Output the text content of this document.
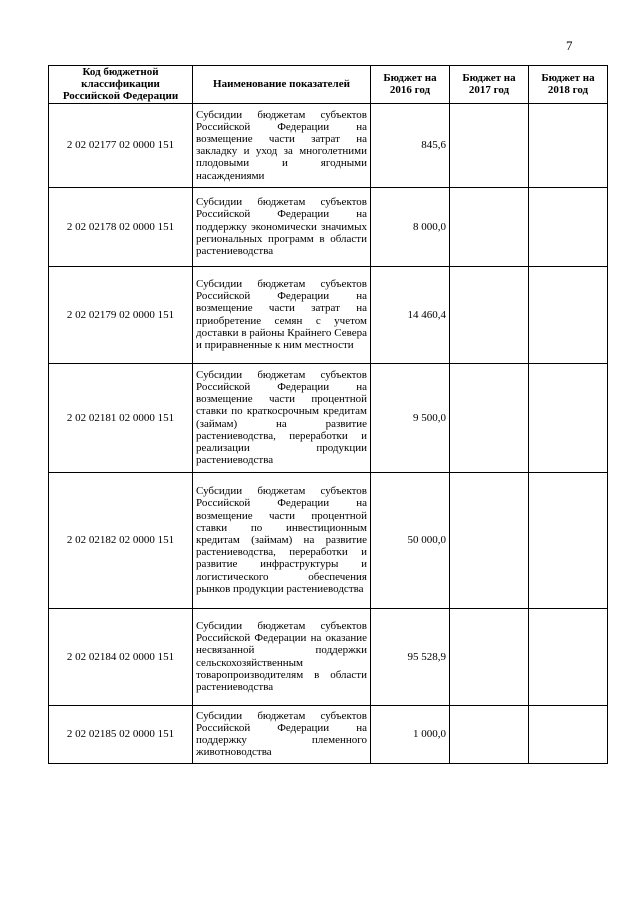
7
Код бюджетной классификации Российской Федерации	Наименование показателей	Бюджет на 2016 год	Бюджет на 2017 год	Бюджет на 2018 год
2 02 02177 02 0000 151	Субсидии бюджетам субъектов Российской Федерации на возмещение части затрат на закладку и уход за многолетними плодовыми и ягодными насаждениями	845,6		
2 02 02178 02 0000 151	Субсидии бюджетам субъектов Российской Федерации на поддержку экономически значимых региональных программ в области растениеводства	8 000,0		
2 02 02179 02 0000 151	Субсидии бюджетам субъектов Российской Федерации на возмещение части затрат на приобретение семян с учетом доставки в районы Крайнего Севера и приравненные к ним местности	14 460,4		
2 02 02181 02 0000 151	Субсидии бюджетам субъектов Российской Федерации на возмещение части процентной ставки по краткосрочным кредитам (займам) на развитие растениеводства, переработки и реализации продукции растениеводства	9 500,0		
2 02 02182 02 0000 151	Субсидии бюджетам субъектов Российской Федерации на возмещение части процентной ставки по инвестиционным кредитам (займам) на развитие растениеводства, переработки и развитие инфраструктуры и логистического обеспечения рынков продукции растениеводства	50 000,0		
2 02 02184 02 0000 151	Субсидии бюджетам субъектов Российской Федерации на оказание несвязанной поддержки сельскохозяйственным товаропроизводителям в области растениеводства	95 528,9		
2 02 02185 02 0000 151	Субсидии бюджетам субъектов Российской Федерации на поддержку племенного животноводства	1 000,0		
